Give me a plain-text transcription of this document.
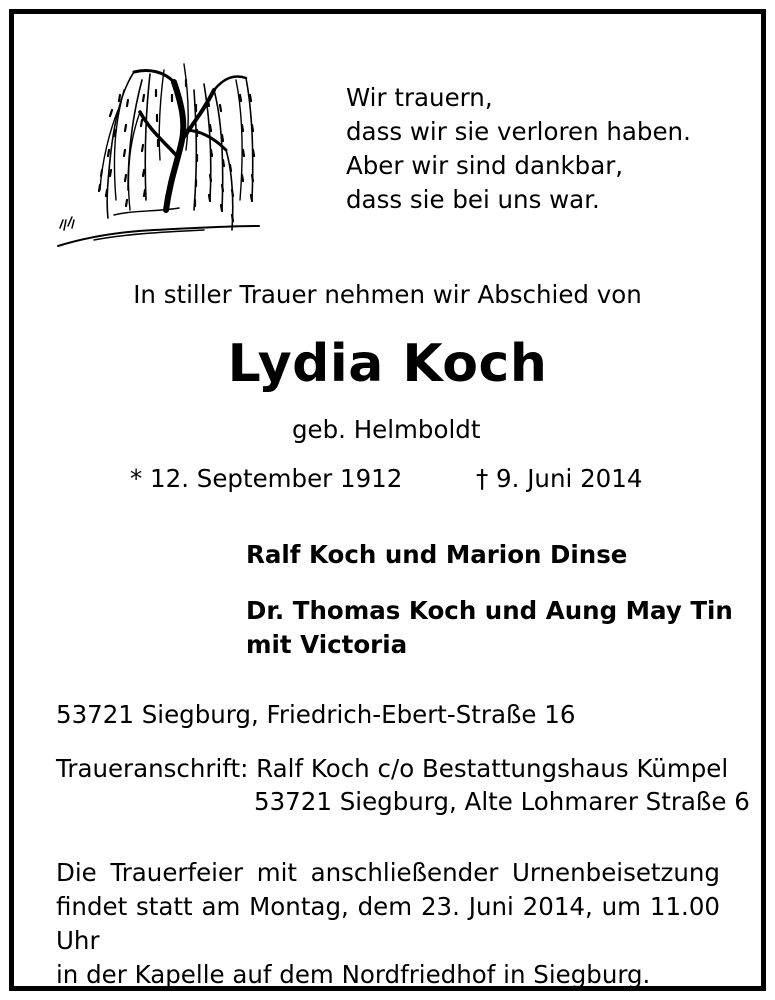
Wir trauern,
dass wir sie verloren haben.
Aber wir sind dankbar,
dass sie bei uns war.
In stiller Trauer nehmen wir Abschied von
Lydia Koch
geb. Helmboldt
* 12. September 1912	† 9. Juni 2014
Ralf Koch und Marion Dinse
Dr. Thomas Koch und Aung May Tin
mit Victoria
53721 Siegburg, Friedrich-Ebert-Straße 16
Traueranschrift: Ralf Koch c/o Bestattungshaus Kümpel
53721 Siegburg, Alte Lohmarer Straße 6
Die Trauerfeier mit anschließender Urnenbeisetzung
findet statt am Montag, dem 23. Juni 2014, um 11.00 Uhr
in der Kapelle auf dem Nordfriedhof in Siegburg.
